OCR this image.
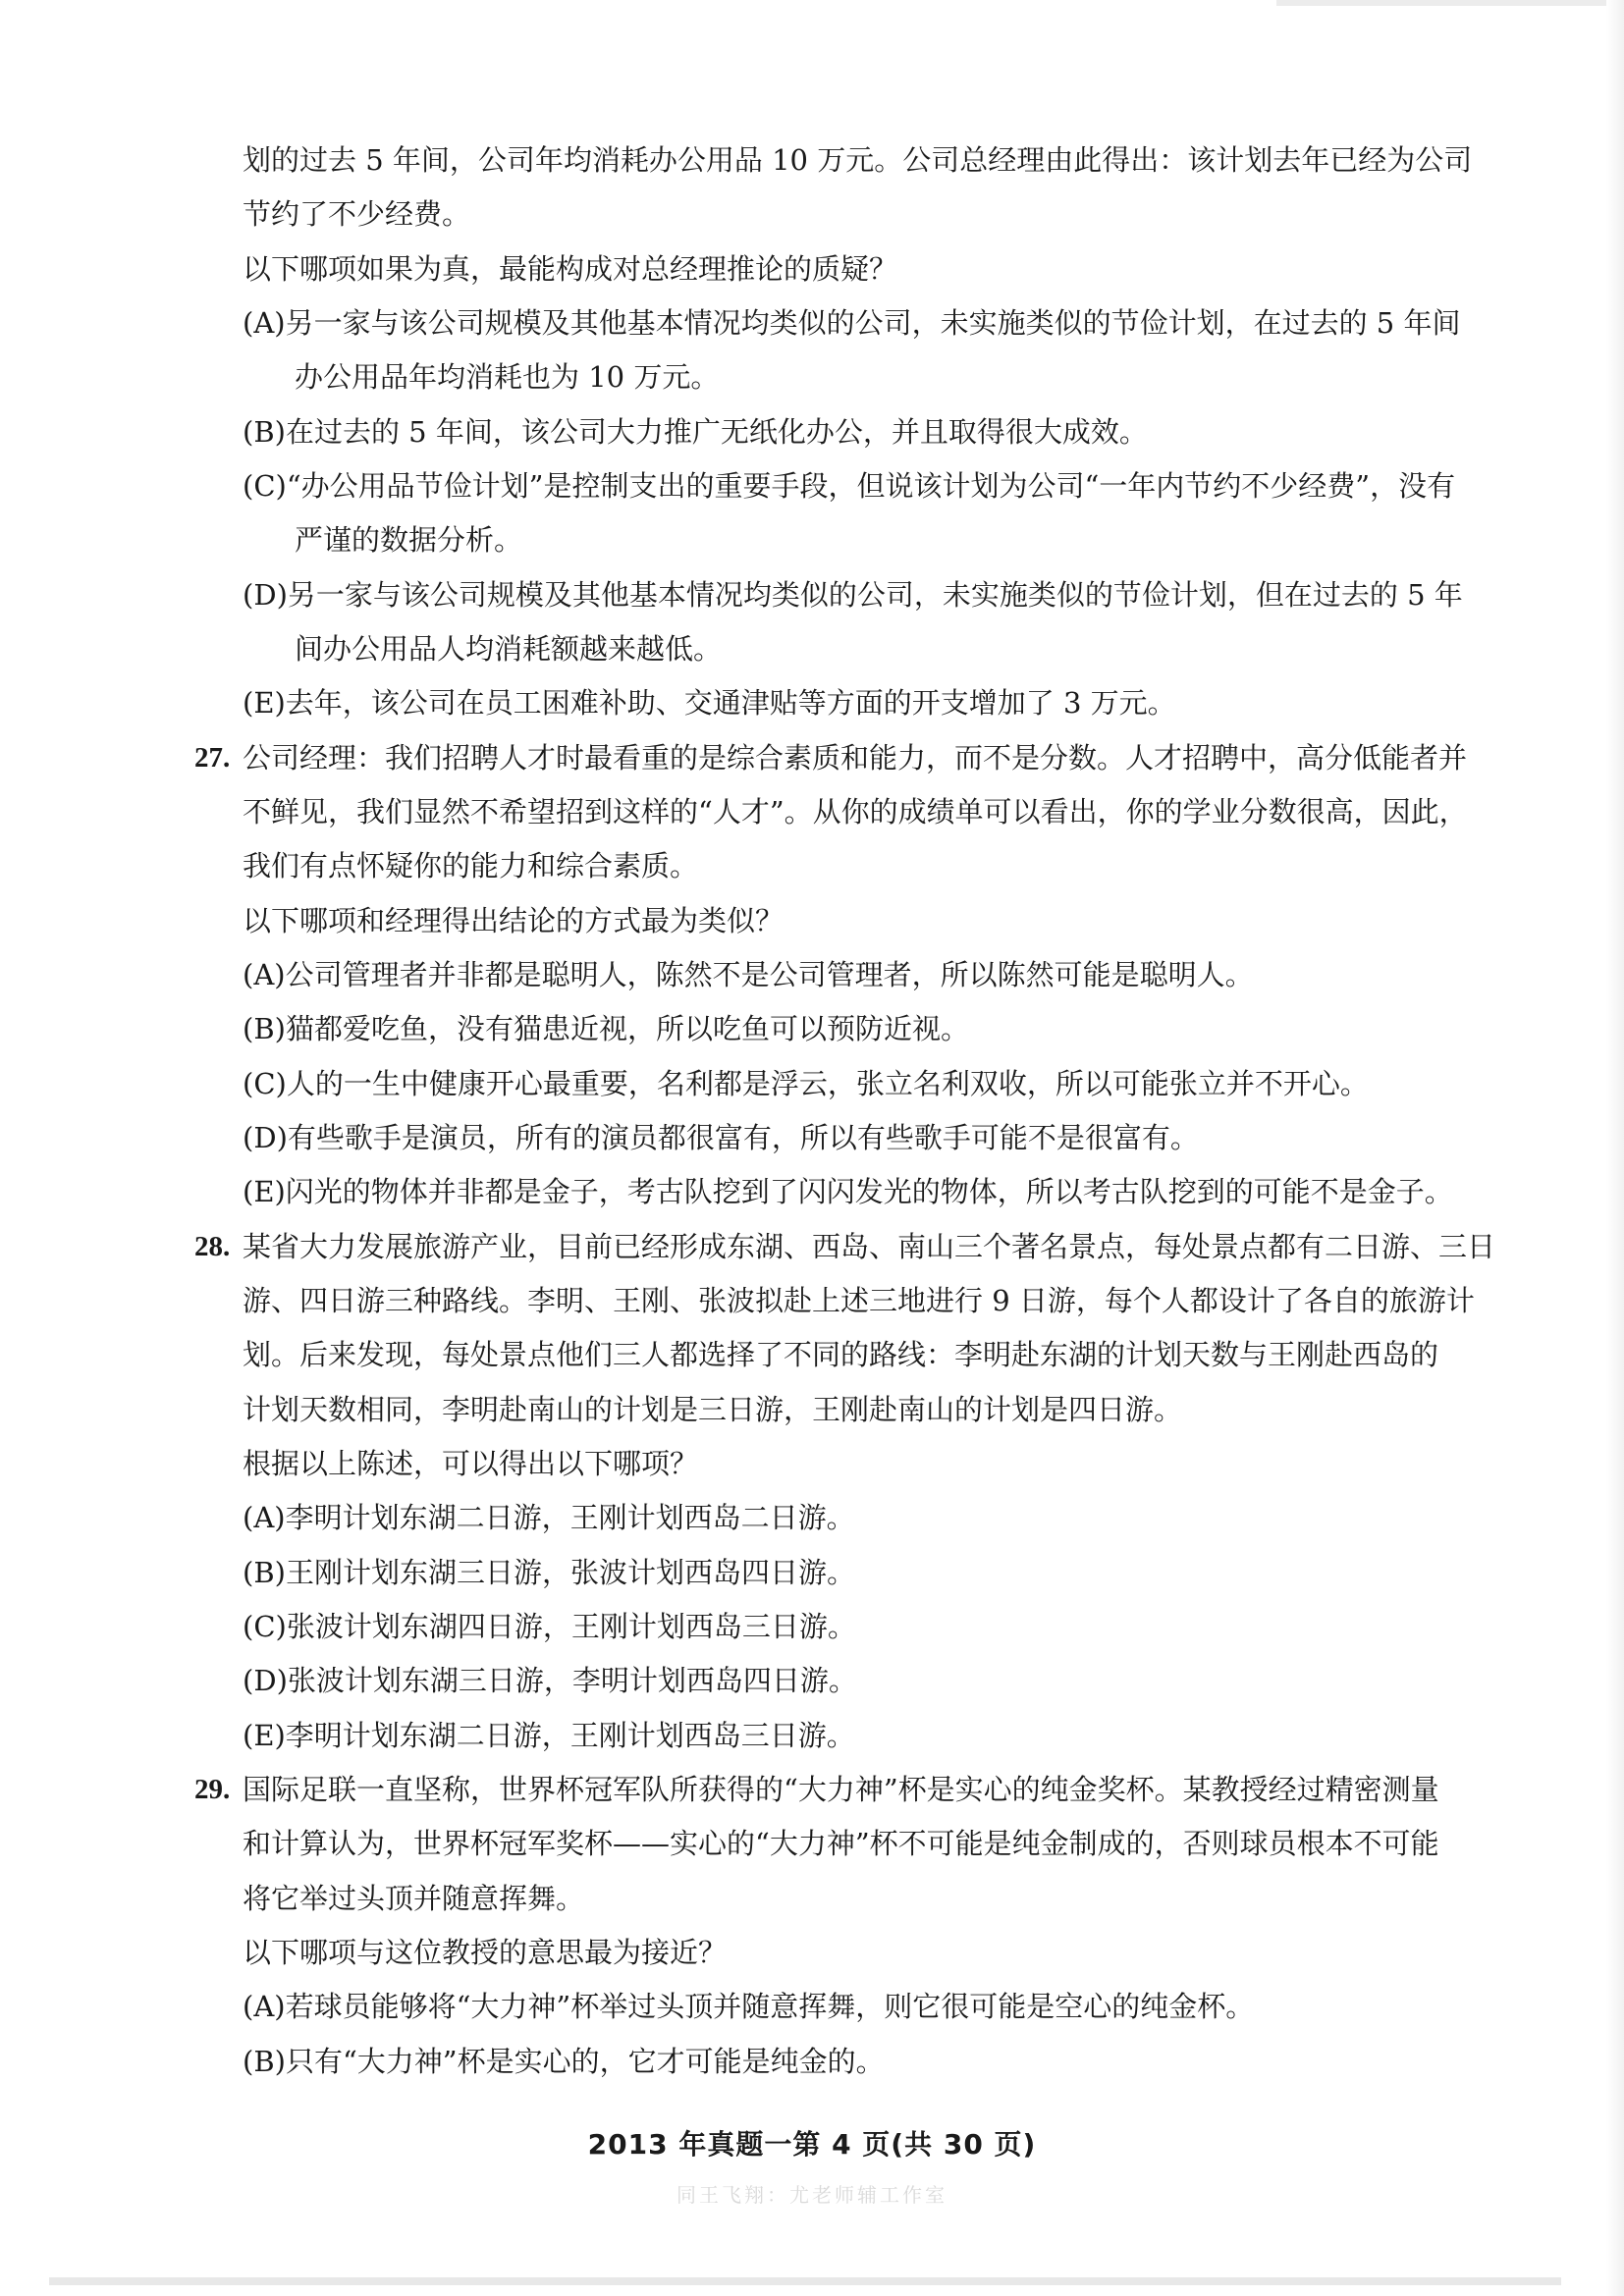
划的过去 5 年间，公司年均消耗办公用品 10 万元。公司总经理由此得出：该计划去年已经为公司

节约了不少经费。

以下哪项如果为真，最能构成对总经理推论的质疑？

(A)另一家与该公司规模及其他基本情况均类似的公司，未实施类似的节俭计划，在过去的 5 年间

办公用品年均消耗也为 10 万元。

(B)在过去的 5 年间，该公司大力推广无纸化办公，并且取得很大成效。

(C)“办公用品节俭计划”是控制支出的重要手段，但说该计划为公司“一年内节约不少经费”，没有

严谨的数据分析。

(D)另一家与该公司规模及其他基本情况均类似的公司，未实施类似的节俭计划，但在过去的 5 年

间办公用品人均消耗额越来越低。

(E)去年，该公司在员工困难补助、交通津贴等方面的开支增加了 3 万元。

27. 公司经理：我们招聘人才时最看重的是综合素质和能力，而不是分数。人才招聘中，高分低能者并

不鲜见，我们显然不希望招到这样的“人才”。从你的成绩单可以看出，你的学业分数很高，因此，

我们有点怀疑你的能力和综合素质。

以下哪项和经理得出结论的方式最为类似？

(A)公司管理者并非都是聪明人，陈然不是公司管理者，所以陈然可能是聪明人。

(B)猫都爱吃鱼，没有猫患近视，所以吃鱼可以预防近视。

(C)人的一生中健康开心最重要，名利都是浮云，张立名利双收，所以可能张立并不开心。

(D)有些歌手是演员，所有的演员都很富有，所以有些歌手可能不是很富有。

(E)闪光的物体并非都是金子，考古队挖到了闪闪发光的物体，所以考古队挖到的可能不是金子。

28. 某省大力发展旅游产业，目前已经形成东湖、西岛、南山三个著名景点，每处景点都有二日游、三日

游、四日游三种路线。李明、王刚、张波拟赴上述三地进行 9 日游，每个人都设计了各自的旅游计

划。后来发现，每处景点他们三人都选择了不同的路线：李明赴东湖的计划天数与王刚赴西岛的

计划天数相同，李明赴南山的计划是三日游，王刚赴南山的计划是四日游。

根据以上陈述，可以得出以下哪项？

(A)李明计划东湖二日游，王刚计划西岛二日游。

(B)王刚计划东湖三日游，张波计划西岛四日游。

(C)张波计划东湖四日游，王刚计划西岛三日游。

(D)张波计划东湖三日游，李明计划西岛四日游。

(E)李明计划东湖二日游，王刚计划西岛三日游。

29. 国际足联一直坚称，世界杯冠军队所获得的“大力神”杯是实心的纯金奖杯。某教授经过精密测量

和计算认为，世界杯冠军奖杯——实心的“大力神”杯不可能是纯金制成的，否则球员根本不可能

将它举过头顶并随意挥舞。

以下哪项与这位教授的意思最为接近？

(A)若球员能够将“大力神”杯举过头顶并随意挥舞，则它很可能是空心的纯金杯。

(B)只有“大力神”杯是实心的，它才可能是纯金的。

2013 年真题一第 4 页(共 30 页)
同王飞翔：尤老师辅工作室
